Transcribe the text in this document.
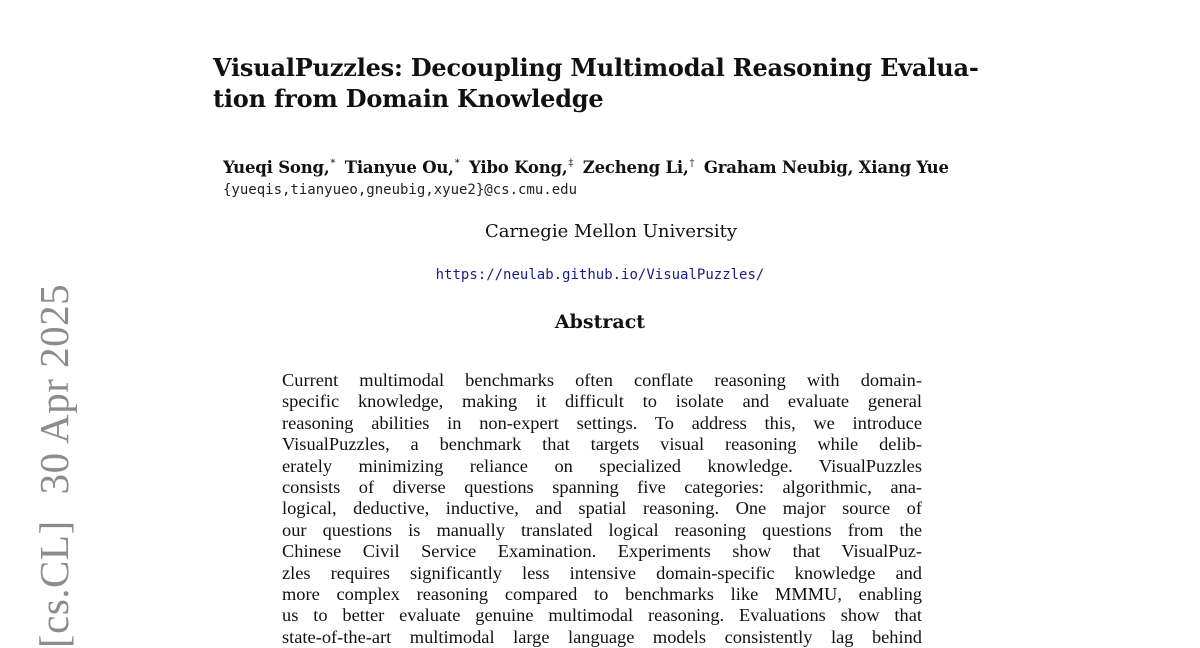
[cs.CL]30 Apr 2025
VisualPuzzles: Decoupling Multimodal Reasoning Evalua-
tion from Domain Knowledge
Yueqi Song,* Tianyue Ou,* Yibo Kong,‡ Zecheng Li,† Graham Neubig, Xiang Yue
{yueqis,tianyueo,gneubig,xyue2}@cs.cmu.edu
Carnegie Mellon University
https://neulab.github.io/VisualPuzzles/
Abstract
Current multimodal benchmarks often conflate reasoning with domain-
specific knowledge, making it difficult to isolate and evaluate general
reasoning abilities in non-expert settings. To address this, we introduce
VisualPuzzles, a benchmark that targets visual reasoning while delib-
erately minimizing reliance on specialized knowledge. VisualPuzzles
consists of diverse questions spanning five categories: algorithmic, ana-
logical, deductive, inductive, and spatial reasoning. One major source of
our questions is manually translated logical reasoning questions from the
Chinese Civil Service Examination. Experiments show that VisualPuz-
zles requires significantly less intensive domain-specific knowledge and
more complex reasoning compared to benchmarks like MMMU, enabling
us to better evaluate genuine multimodal reasoning. Evaluations show that
state-of-the-art multimodal large language models consistently lag behind
